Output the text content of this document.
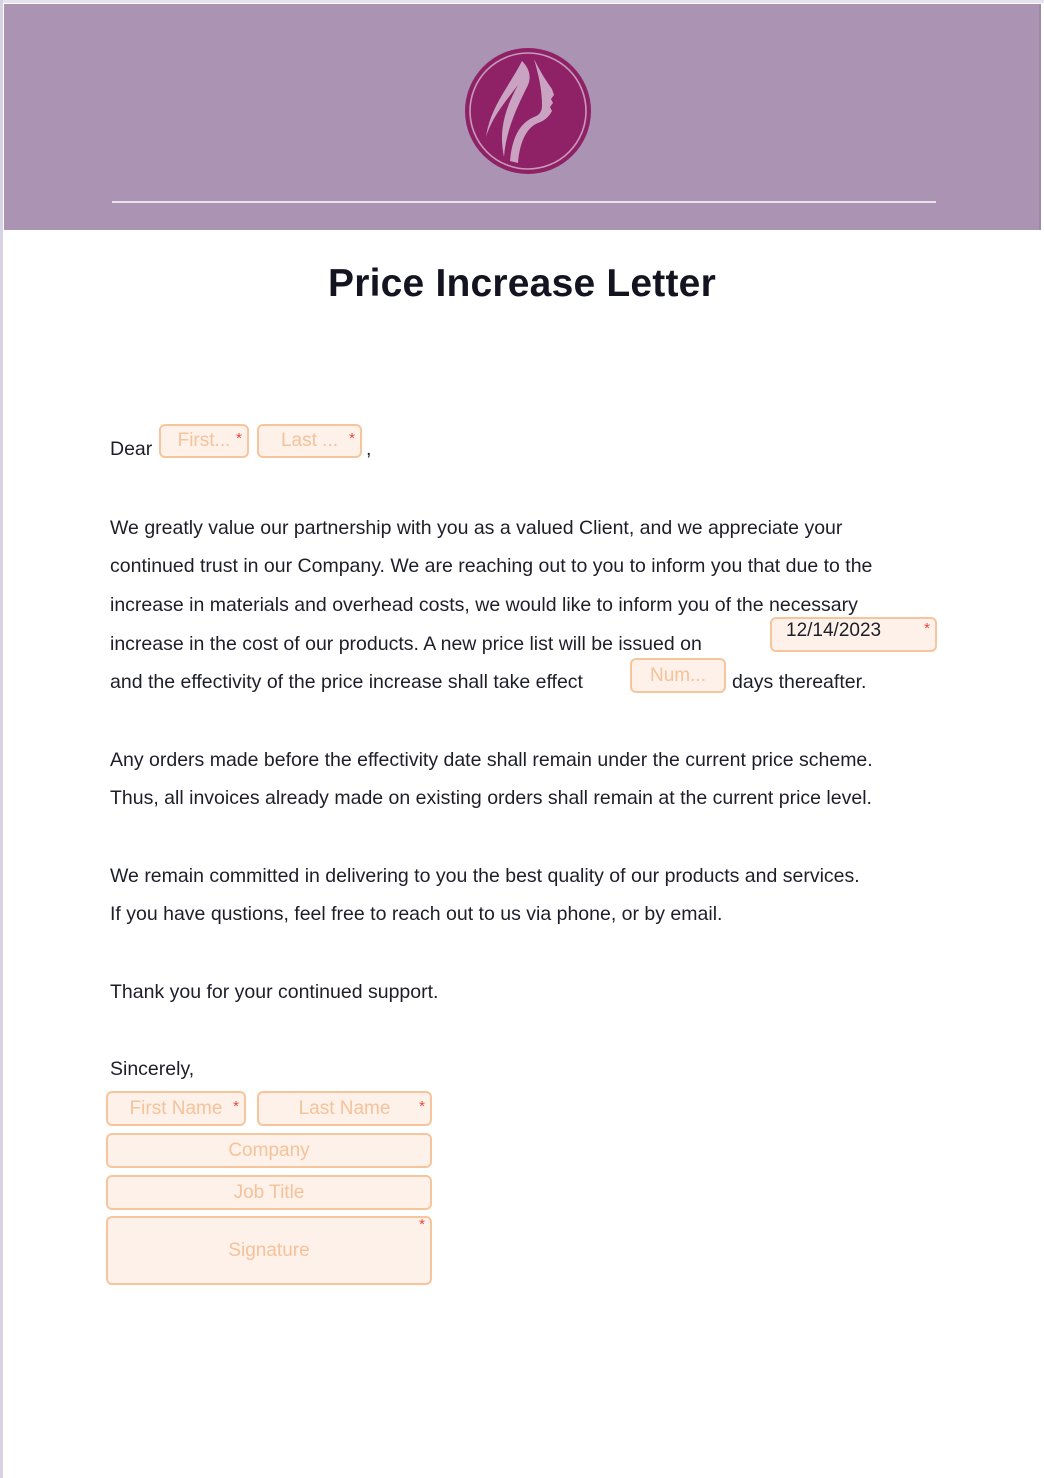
Price Increase Letter
Dear	First... *	Last ... * ,
We greatly value our partnership with you as a valued Client, and we appreciate your
continued trust in our Company. We are reaching out to you to inform you that due to the
increase in materials and overhead costs, we would like to inform you of the necessary
increase in the cost of our products. A new price list will be issued on
12/14/2023	*
and the effectivity of the price increase shall take effect	Num...	days thereafter.
Any orders made before the effectivity date shall remain under the current price scheme.
Thus, all invoices already made on existing orders shall remain at the current price level.
We remain committed in delivering to you the best quality of our products and services.
If you have qustions, feel free to reach out to us via phone, or by email.
Thank you for your continued support.
Sincerely,
First Name *	Last Name *
Company
Job Title
Signature
*
